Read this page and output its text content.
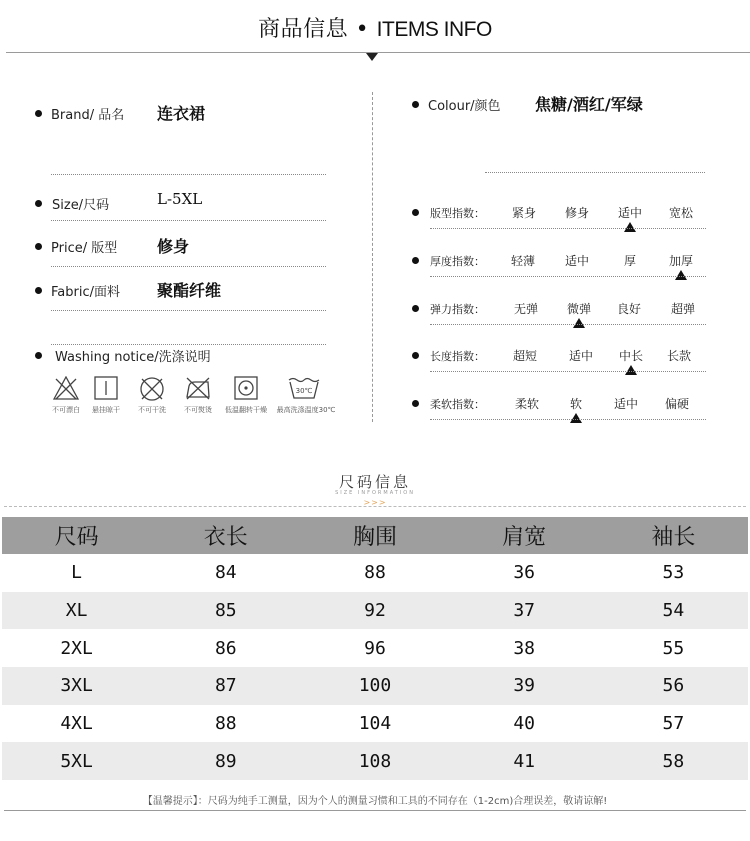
商品信息 • ITEMS INFO
Brand/ 品名 连衣裙
Size/尺码	L-5XL
Price/ 版型 修身
Fabric/面料 聚酯纤维
Washing notice/洗涤说明
不可漂白	悬挂晾干	不可干洗	不可熨烫	低温翻转干燥
30℃
最高洗涤温度30℃
Colour/颜色 焦糖/酒红/军绿
版型指数： 紧身 修身 适中 宽松
厚度指数： 轻薄 适中	厚	加厚
弹力指数： 无弹 微弹 良好 超弹
长度指数： 超短	适中 中长 长款
柔软指数： 柔软	软	适中 偏硬
尺码信息
SIZE INFORMATION
>>>
尺码	衣长	胸围	肩宽	袖长
L	84	88	36	53
XL	85	92	37	54
2XL	86	96	38	55
3XL	87	100	39	56
4XL	88	104	40	57
5XL	89	108	41	58
【温馨提示】：尺码为纯手工测量，因为个人的测量习惯和工具的不同存在（1-2cm)合理误差，敬请谅解!
